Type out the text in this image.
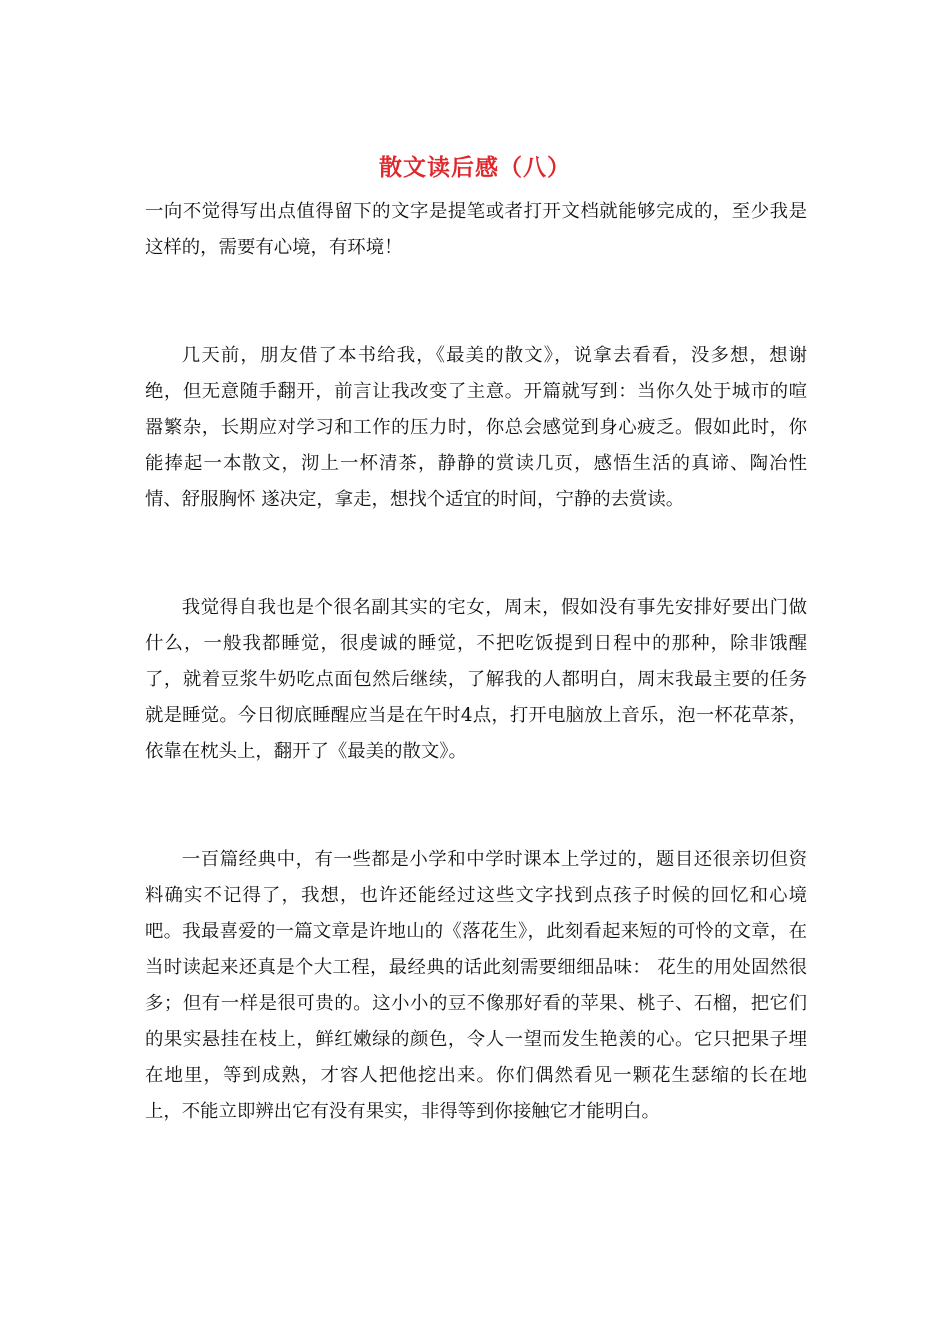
散文读后感（八）

一向不觉得写出点值得留下的文字是提笔或者打开文档就能够完成的，至少我是这样的，需要有心境，有环境！

几天前，朋友借了本书给我，《最美的散文》，说拿去看看，没多想，想谢绝，但无意随手翻开，前言让我改变了主意。开篇就写到：当你久处于城市的喧嚣繁杂，长期应对学习和工作的压力时，你总会感觉到身心疲乏。假如此时，你能捧起一本散文，沏上一杯清茶，静静的赏读几页，感悟生活的真谛、陶冶性情、舒服胸怀 遂决定，拿走，想找个适宜的时间，宁静的去赏读。

我觉得自我也是个很名副其实的宅女，周末，假如没有事先安排好要出门做什么，一般我都睡觉，很虔诚的睡觉，不把吃饭提到日程中的那种，除非饿醒了，就着豆浆牛奶吃点面包然后继续，了解我的人都明白，周末我最主要的任务就是睡觉。今日彻底睡醒应当是在午时4点，打开电脑放上音乐，泡一杯花草茶，依靠在枕头上，翻开了《最美的散文》。

一百篇经典中，有一些都是小学和中学时课本上学过的，题目还很亲切但资料确实不记得了，我想，也许还能经过这些文字找到点孩子时候的回忆和心境吧。我最喜爱的一篇文章是许地山的《落花生》，此刻看起来短的可怜的文章，在当时读起来还真是个大工程，最经典的话此刻需要细细品味： 花生的用处固然很多；但有一样是很可贵的。这小小的豆不像那好看的苹果、桃子、石榴，把它们的果实悬挂在枝上，鲜红嫩绿的颜色，令人一望而发生艳羡的心。它只把果子埋在地里，等到成熟，才容人把他挖出来。你们偶然看见一颗花生瑟缩的长在地上，不能立即辨出它有没有果实，非得等到你接触它才能明白。
